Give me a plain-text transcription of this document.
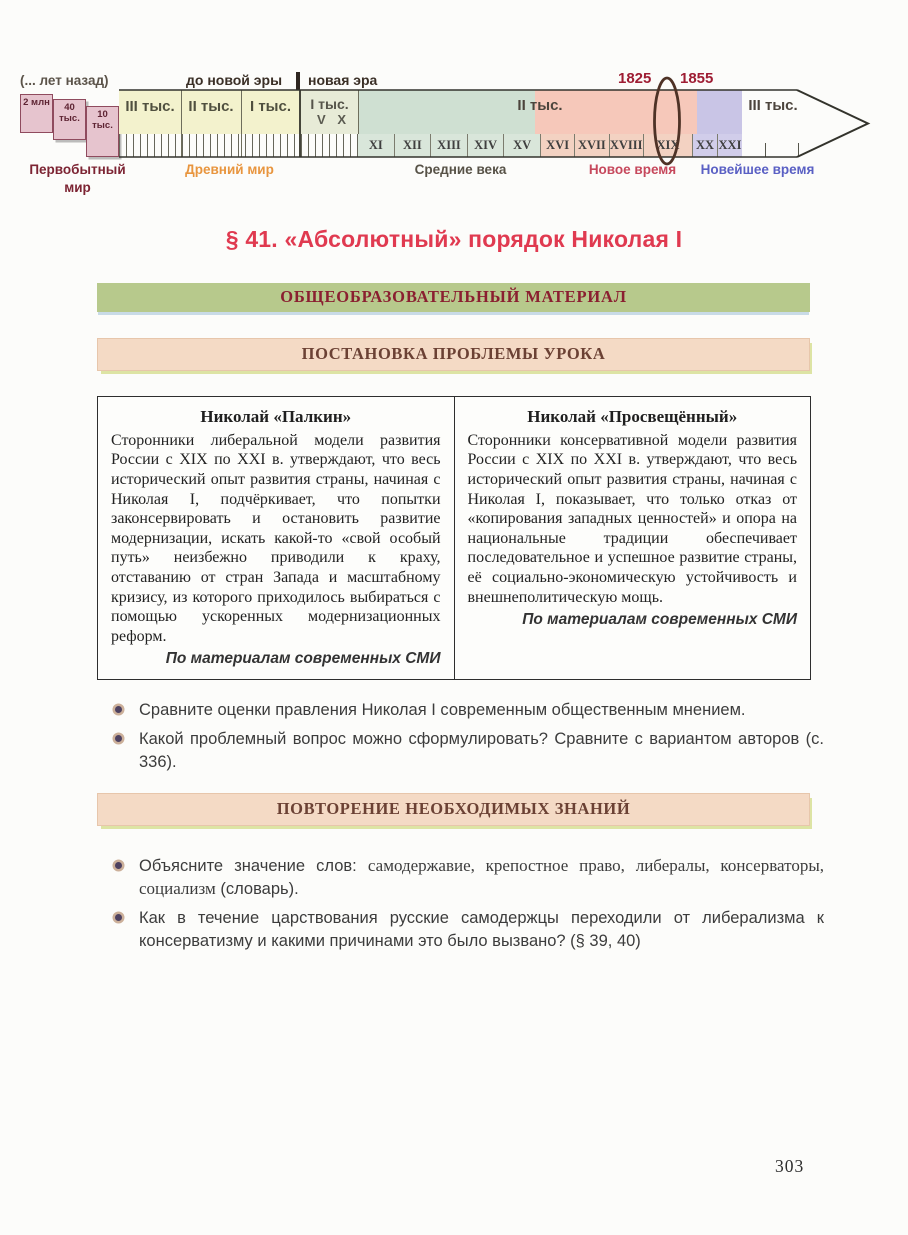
(... лет назад)	до новой эры новая эра	1825 1855
2 млн	40 тыс.	10 тыс.
III тыс. II тыс.	I тыс.	I тыс.
V X
II тыс.	III тыс.
XI	XII	XIII	XIV	XV	XVI XVII XVIII	XIX	XX XXI
Первобытный мир
Древний мир	Средние века	Новое время	Новейшее время
§ 41. «Абсолютный» порядок Николая I
ОБЩЕОБРАЗОВАТЕЛЬНЫЙ МАТЕРИАЛ
ПОСТАНОВКА ПРОБЛЕМЫ УРОКА
Николай «Палкин»
Сторонники либеральной модели развития России с XIX по XXI в. утверждают, что весь исторический опыт развития страны, начиная с Николая I, подчёркивает, что попытки законсервировать и остановить развитие модернизации, искать какой-то «свой особый путь» неизбежно приводили к краху, отставанию от стран Запада и масштабному кризису, из которого приходилось выбираться с помощью ускоренных модернизационных реформ.
По материалам современных СМИ
Николай «Просвещённый»
Сторонники консервативной модели развития России с XIX по XXI в. утверждают, что весь исторический опыт развития страны, начиная с Николая I, показывает, что только отказ от «копирования западных ценностей» и опора на национальные традиции обеспечивает последовательное и успешное развитие страны, её социально-экономическую устойчивость и внешнеполитическую мощь.
По материалам современных СМИ
Сравните оценки правления Николая I современным общественным мнением.
Какой проблемный вопрос можно сформулировать? Сравните с вариантом авторов (с. 336).
ПОВТОРЕНИЕ НЕОБХОДИМЫХ ЗНАНИЙ
Объясните значение слов: самодержавие, крепостное право, либералы, консерваторы, социализм (словарь).
Как в течение царствования русские самодержцы переходили от либерализма к консерватизму и какими причинами это было вызвано? (§ 39, 40)
303
